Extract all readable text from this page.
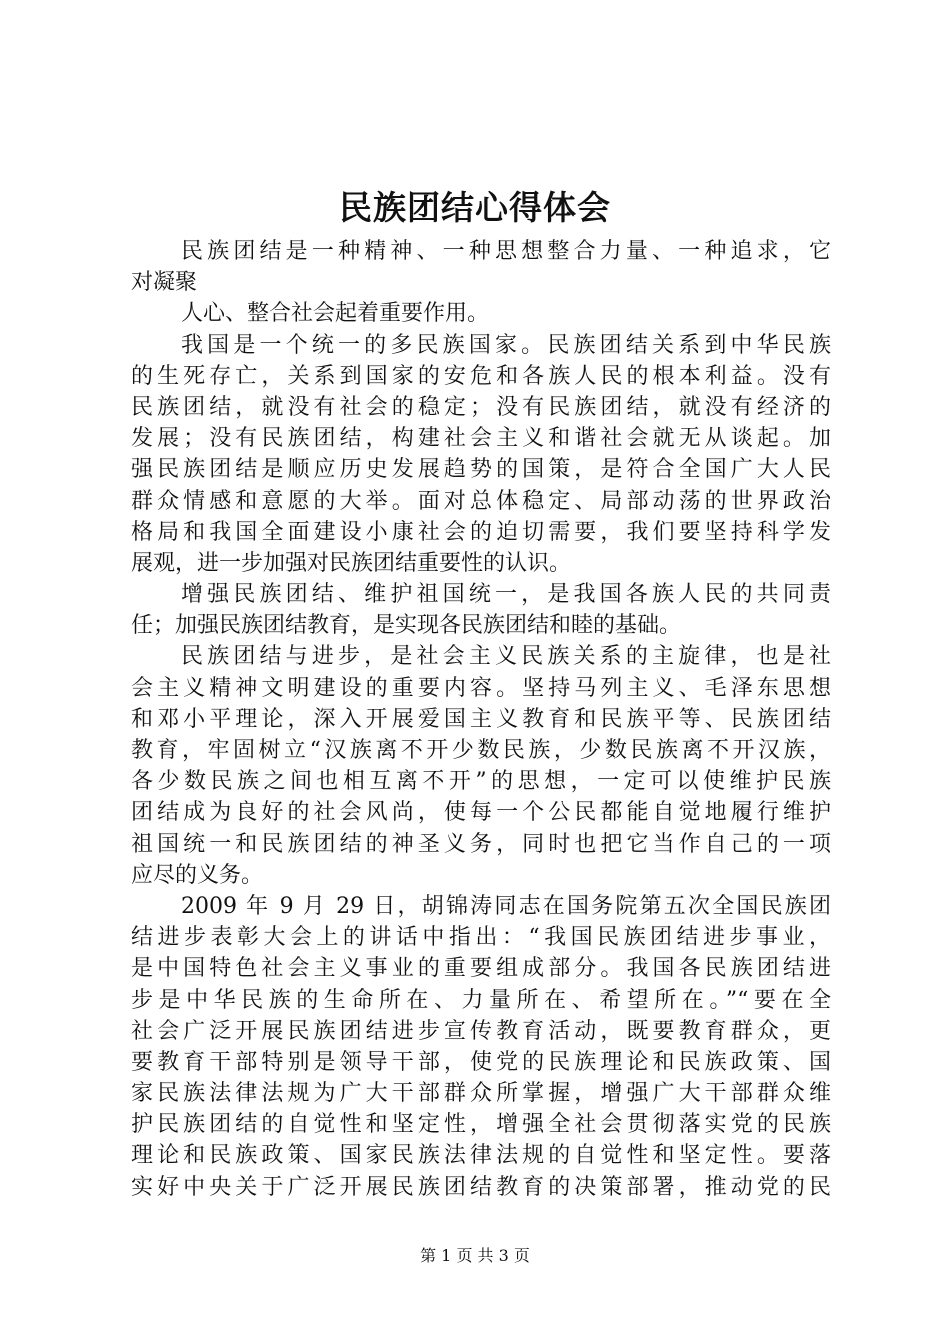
民族团结心得体会
民族团结是一种精神、一种思想整合力量、一种追求，它
对凝聚
人心、整合社会起着重要作用。
我国是一个统一的多民族国家。民族团结关系到中华民族
的生死存亡，关系到国家的安危和各族人民的根本利益。没有
民族团结，就没有社会的稳定；没有民族团结，就没有经济的
发展；没有民族团结，构建社会主义和谐社会就无从谈起。加
强民族团结是顺应历史发展趋势的国策，是符合全国广大人民
群众情感和意愿的大举。面对总体稳定、局部动荡的世界政治
格局和我国全面建设小康社会的迫切需要，我们要坚持科学发
展观，进一步加强对民族团结重要性的认识。
增强民族团结、维护祖国统一，是我国各族人民的共同责
任；加强民族团结教育，是实现各民族团结和睦的基础。
民族团结与进步，是社会主义民族关系的主旋律，也是社
会主义精神文明建设的重要内容。坚持马列主义、毛泽东思想
和邓小平理论，深入开展爱国主义教育和民族平等、民族团结
教育，牢固树立“汉族离不开少数民族，少数民族离不开汉族，
各少数民族之间也相互离不开”的思想，一定可以使维护民族
团结成为良好的社会风尚，使每一个公民都能自觉地履行维护
祖国统一和民族团结的神圣义务，同时也把它当作自己的一项
应尽的义务。
2009 年 9 月 29 日，胡锦涛同志在国务院第五次全国民族团
结进步表彰大会上的讲话中指出：“我国民族团结进步事业，
是中国特色社会主义事业的重要组成部分。我国各民族团结进
步是中华民族的生命所在、力量所在、希望所在。”“要在全
社会广泛开展民族团结进步宣传教育活动，既要教育群众，更
要教育干部特别是领导干部，使党的民族理论和民族政策、国
家民族法律法规为广大干部群众所掌握，增强广大干部群众维
护民族团结的自觉性和坚定性，增强全社会贯彻落实党的民族
理论和民族政策、国家民族法律法规的自觉性和坚定性。要落
实好中央关于广泛开展民族团结教育的决策部署，推动党的民
第 1 页 共 3 页
